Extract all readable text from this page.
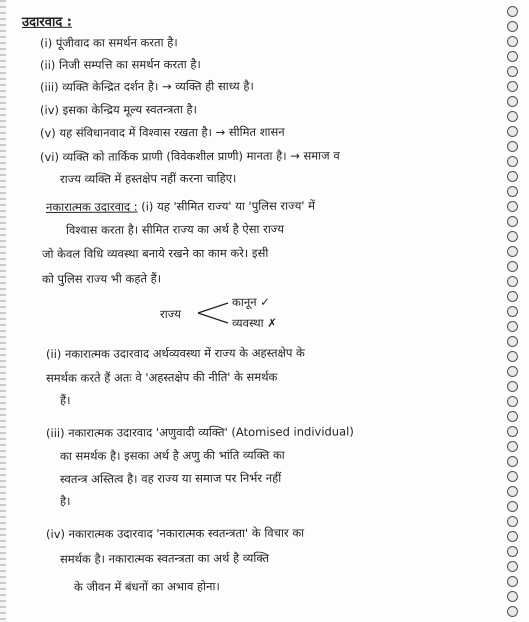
उदारवाद :
(i) पूंजीवाद का समर्थन करता है।
(ii) निजी सम्पत्ति का समर्थन करता है।
(iii) व्यक्ति केन्द्रित दर्शन है। → व्यक्ति ही साध्य है।
(iv) इसका केन्द्रिय मूल्य स्वतन्त्रता है।
(v) यह संविधानवाद में विश्वास रखता है। → सीमित शासन
(vi) व्यक्ति को तार्किक प्राणी (विवेकशील प्राणी) मानता है। → समाज व
राज्य व्यक्ति में हस्तक्षेप नहीं करना चाहिए।
नकारात्मक उदारवाद : (i) यह 'सीमित राज्य' या 'पुलिस राज्य' में
विश्वास करता है। सीमित राज्य का अर्थ है ऐसा राज्य
जो केवल विधि व्यवस्था बनाये रखने का काम करे। इसी
को पुलिस राज्य भी कहते हैं।
राज्य
कानून ✓
व्यवस्था ✗
(ii) नकारात्मक उदारवाद अर्थव्यवस्था में राज्य के अहस्तक्षेप के
समर्थक करते हैं अतः वे 'अहस्तक्षेप की नीति' के समर्थक
हैं।
(iii) नकारात्मक उदारवाद 'अणुवादी व्यक्ति' (Atomised individual)
का समर्थक है। इसका अर्थ है अणु की भांति व्यक्ति का
स्वतन्त्र अस्तित्व है। वह राज्य या समाज पर निर्भर नहीं
है।
(iv) नकारात्मक उदारवाद 'नकारात्मक स्वतन्त्रता' के विचार का
समर्थक है। नकारात्मक स्वतन्त्रता का अर्थ है व्यक्ति
के जीवन में बंधनों का अभाव होना।
